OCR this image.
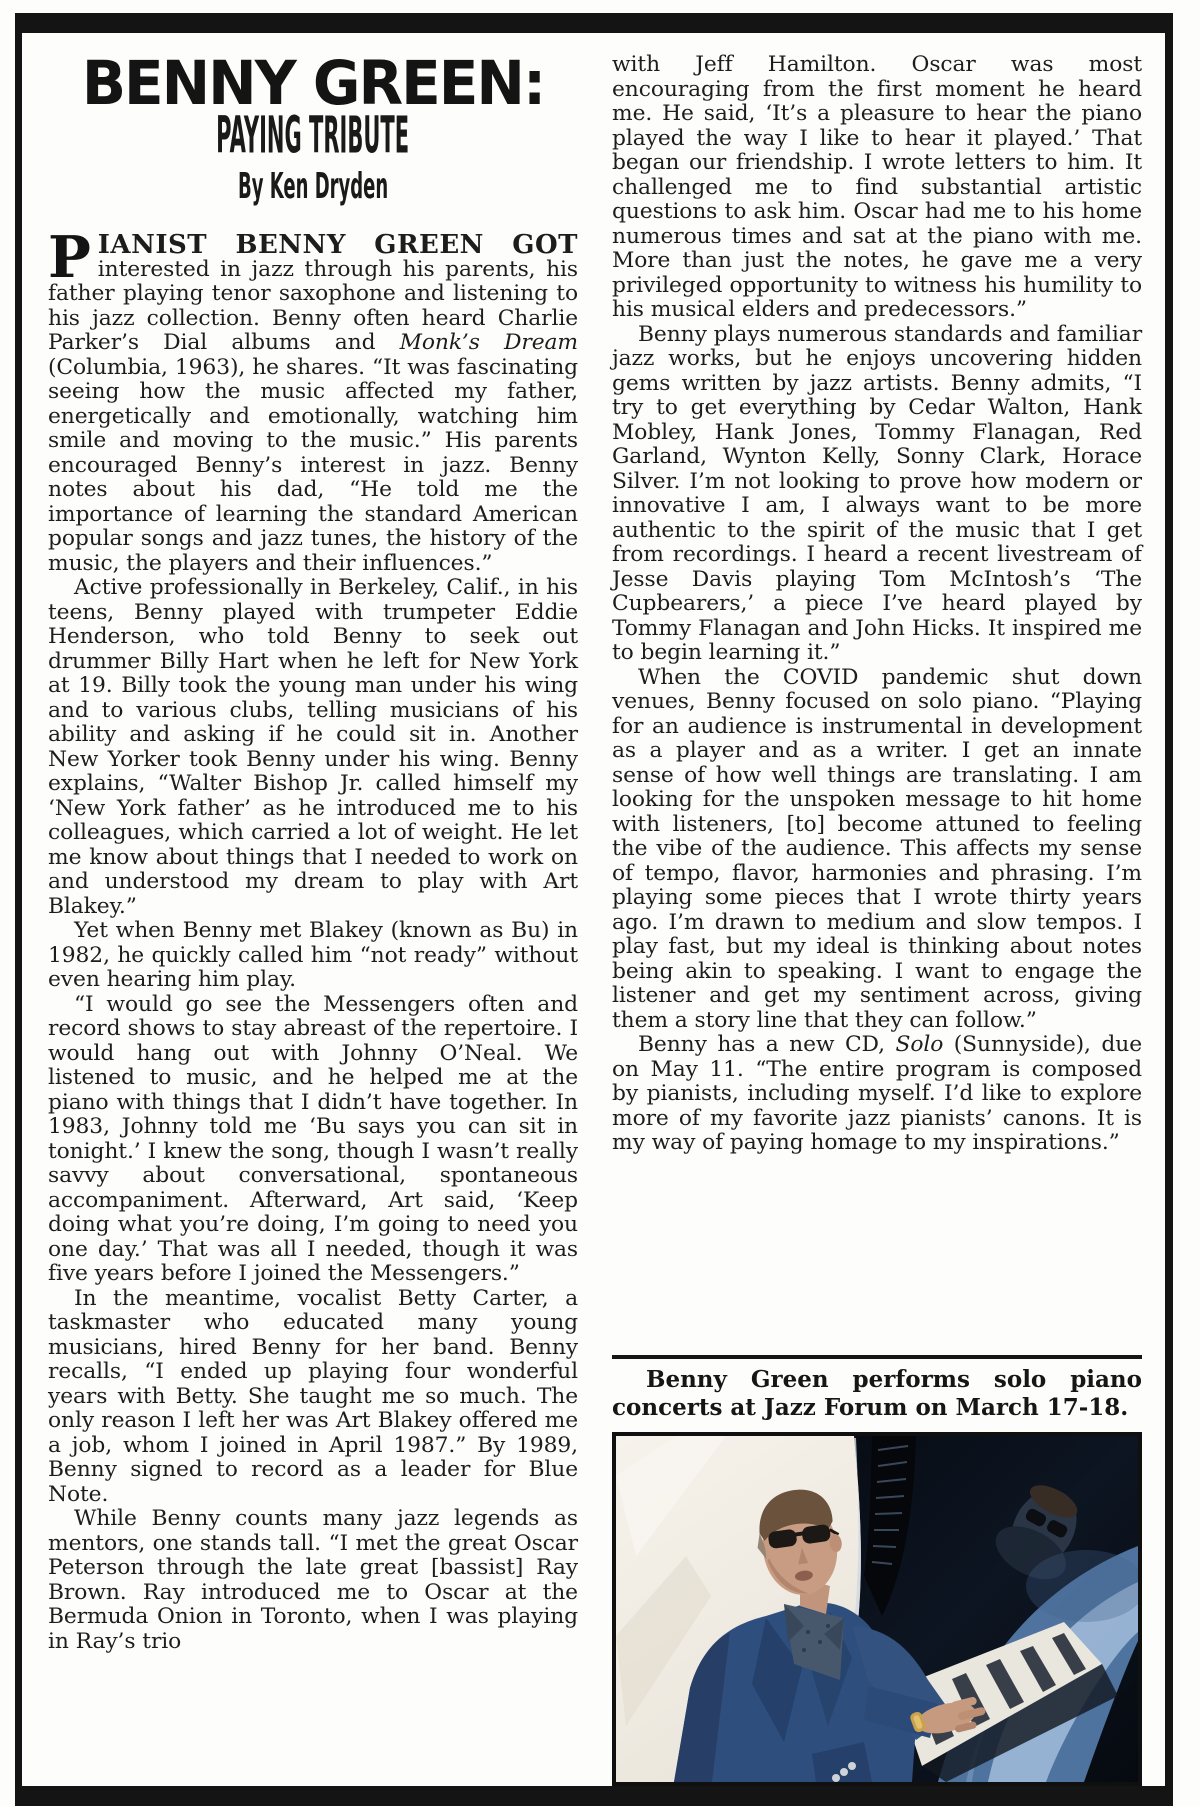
BENNY GREEN:
PAYING TRIBUTE
By Ken Dryden

P IANIST BENNY GREEN GOT
interested in jazz through his parents, his father playing tenor saxophone and listening to his jazz collection. Benny often heard Charlie Parker’s Dial albums and Monk’s Dream (Columbia, 1963), he shares. “It was fascinating seeing how the music affected my father, energetically and emotionally, watching him smile and moving to the music.” His parents encouraged Benny’s interest in jazz. Benny notes about his dad, “He told me the importance of learning the standard American popular songs and jazz tunes, the history of the music, the players and their influences.”

Active professionally in Berkeley, Calif., in his teens, Benny played with trumpeter Eddie Henderson, who told Benny to seek out drummer Billy Hart when he left for New York at 19. Billy took the young man under his wing and to various clubs, telling musicians of his ability and asking if he could sit in. Another New Yorker took Benny under his wing. Benny explains, “Walter Bishop Jr. called himself my ‘New York father’ as he introduced me to his colleagues, which carried a lot of weight. He let me know about things that I needed to work on and understood my dream to play with Art Blakey.”

Yet when Benny met Blakey (known as Bu) in 1982, he quickly called him “not ready” without even hearing him play.

“I would go see the Messengers often and record shows to stay abreast of the repertoire. I would hang out with Johnny O’Neal. We listened to music, and he helped me at the piano with things that I didn’t have together. In 1983, Johnny told me ‘Bu says you can sit in tonight.’ I knew the song, though I wasn’t really savvy about conversational, spontaneous accompaniment. Afterward, Art said, ‘Keep doing what you’re doing, I’m going to need you one day.’ That was all I needed, though it was five years before I joined the Messengers.”

In the meantime, vocalist Betty Carter, a taskmaster who educated many young musicians, hired Benny for her band. Benny recalls, “I ended up playing four wonderful years with Betty. She taught me so much. The only reason I left her was Art Blakey offered me a job, whom I joined in April 1987.” By 1989, Benny signed to record as a leader for Blue Note.

While Benny counts many jazz legends as mentors, one stands tall. “I met the great Oscar Peterson through the late great [bassist] Ray Brown. Ray introduced me to Oscar at the Bermuda Onion in Toronto, when I was playing in Ray’s trio

with Jeff Hamilton. Oscar was most encouraging from the first moment he heard me. He said, ‘It’s a pleasure to hear the piano played the way I like to hear it played.’ That began our friendship. I wrote letters to him. It challenged me to find substantial artistic questions to ask him. Oscar had me to his home numerous times and sat at the piano with me. More than just the notes, he gave me a very privileged opportunity to witness his humility to his musical elders and predecessors.”

Benny plays numerous standards and familiar jazz works, but he enjoys uncovering hidden gems written by jazz artists. Benny admits, “I try to get everything by Cedar Walton, Hank Mobley, Hank Jones, Tommy Flanagan, Red Garland, Wynton Kelly, Sonny Clark, Horace Silver. I’m not looking to prove how modern or innovative I am, I always want to be more authentic to the spirit of the music that I get from recordings. I heard a recent livestream of Jesse Davis playing Tom McIntosh’s ‘The Cupbearers,’ a piece I’ve heard played by Tommy Flanagan and John Hicks. It inspired me to begin learning it.”

When the COVID pandemic shut down venues, Benny focused on solo piano. “Playing for an audience is instrumental in development as a player and as a writer. I get an innate sense of how well things are translating. I am looking for the unspoken message to hit home with listeners, [to] become attuned to feeling the vibe of the audience. This affects my sense of tempo, flavor, harmonies and phrasing. I’m playing some pieces that I wrote thirty years ago. I’m drawn to medium and slow tempos. I play fast, but my ideal is thinking about notes being akin to speaking. I want to engage the listener and get my sentiment across, giving them a story line that they can follow.”

Benny has a new CD, Solo (Sunnyside), due on May 11. “The entire program is composed by pianists, including myself. I’d like to explore more of my favorite jazz pianists’ canons. It is my way of paying homage to my inspirations.”

Benny Green performs solo piano concerts at Jazz Forum on March 17-18.
